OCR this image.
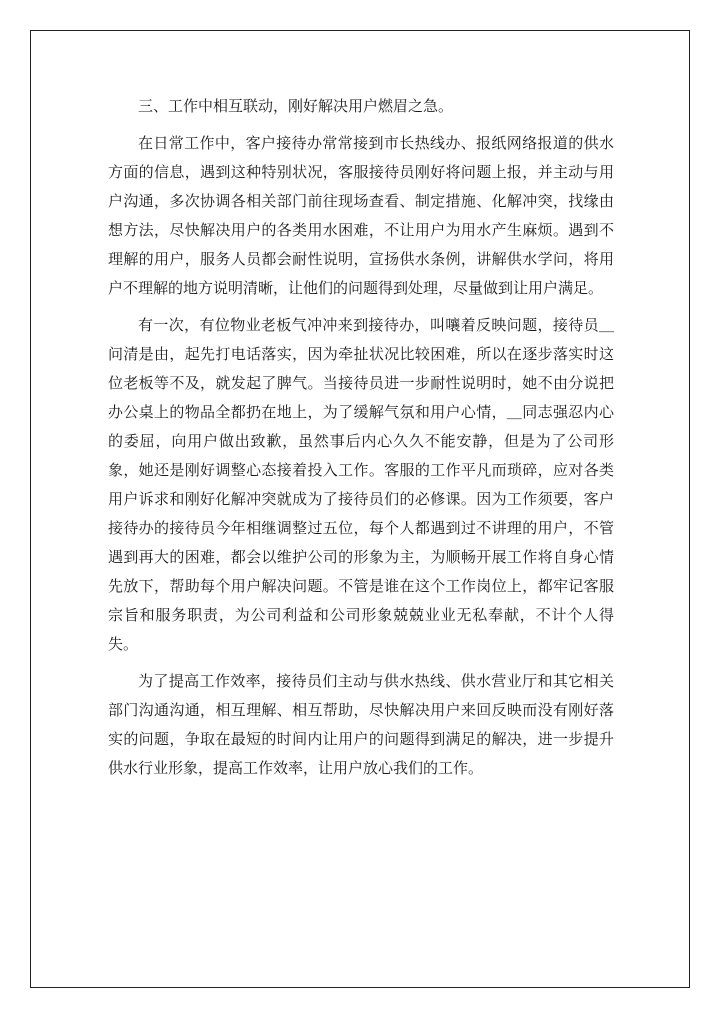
三、工作中相互联动，刚好解决用户燃眉之急。

在日常工作中，客户接待办常常接到市长热线办、报纸网络报道的供水方面的信息，遇到这种特别状况，客服接待员刚好将问题上报，并主动与用户沟通，多次协调各相关部门前往现场查看、制定措施、化解冲突，找缘由想方法，尽快解决用户的各类用水困难，不让用户为用水产生麻烦。遇到不理解的用户，服务人员都会耐性说明，宣扬供水条例，讲解供水学问，将用户不理解的地方说明清晰，让他们的问题得到处理，尽量做到让用户满足。

有一次，有位物业老板气冲冲来到接待办，叫嚷着反映问题，接待员＿问清是由，起先打电话落实，因为牵扯状况比较困难，所以在逐步落实时这位老板等不及，就发起了脾气。当接待员进一步耐性说明时，她不由分说把办公桌上的物品全都扔在地上，为了缓解气氛和用户心情，＿同志强忍内心的委屈，向用户做出致歉，虽然事后内心久久不能安静，但是为了公司形象，她还是刚好调整心态接着投入工作。客服的工作平凡而琐碎，应对各类用户诉求和刚好化解冲突就成为了接待员们的必修课。因为工作须要，客户接待办的接待员今年相继调整过五位，每个人都遇到过不讲理的用户，不管遇到再大的困难，都会以维护公司的形象为主，为顺畅开展工作将自身心情先放下，帮助每个用户解决问题。不管是谁在这个工作岗位上，都牢记客服宗旨和服务职责，为公司利益和公司形象兢兢业业无私奉献，不计个人得失。

为了提高工作效率，接待员们主动与供水热线、供水营业厅和其它相关部门沟通沟通，相互理解、相互帮助，尽快解决用户来回反映而没有刚好落实的问题，争取在最短的时间内让用户的问题得到满足的解决，进一步提升供水行业形象，提高工作效率，让用户放心我们的工作。
